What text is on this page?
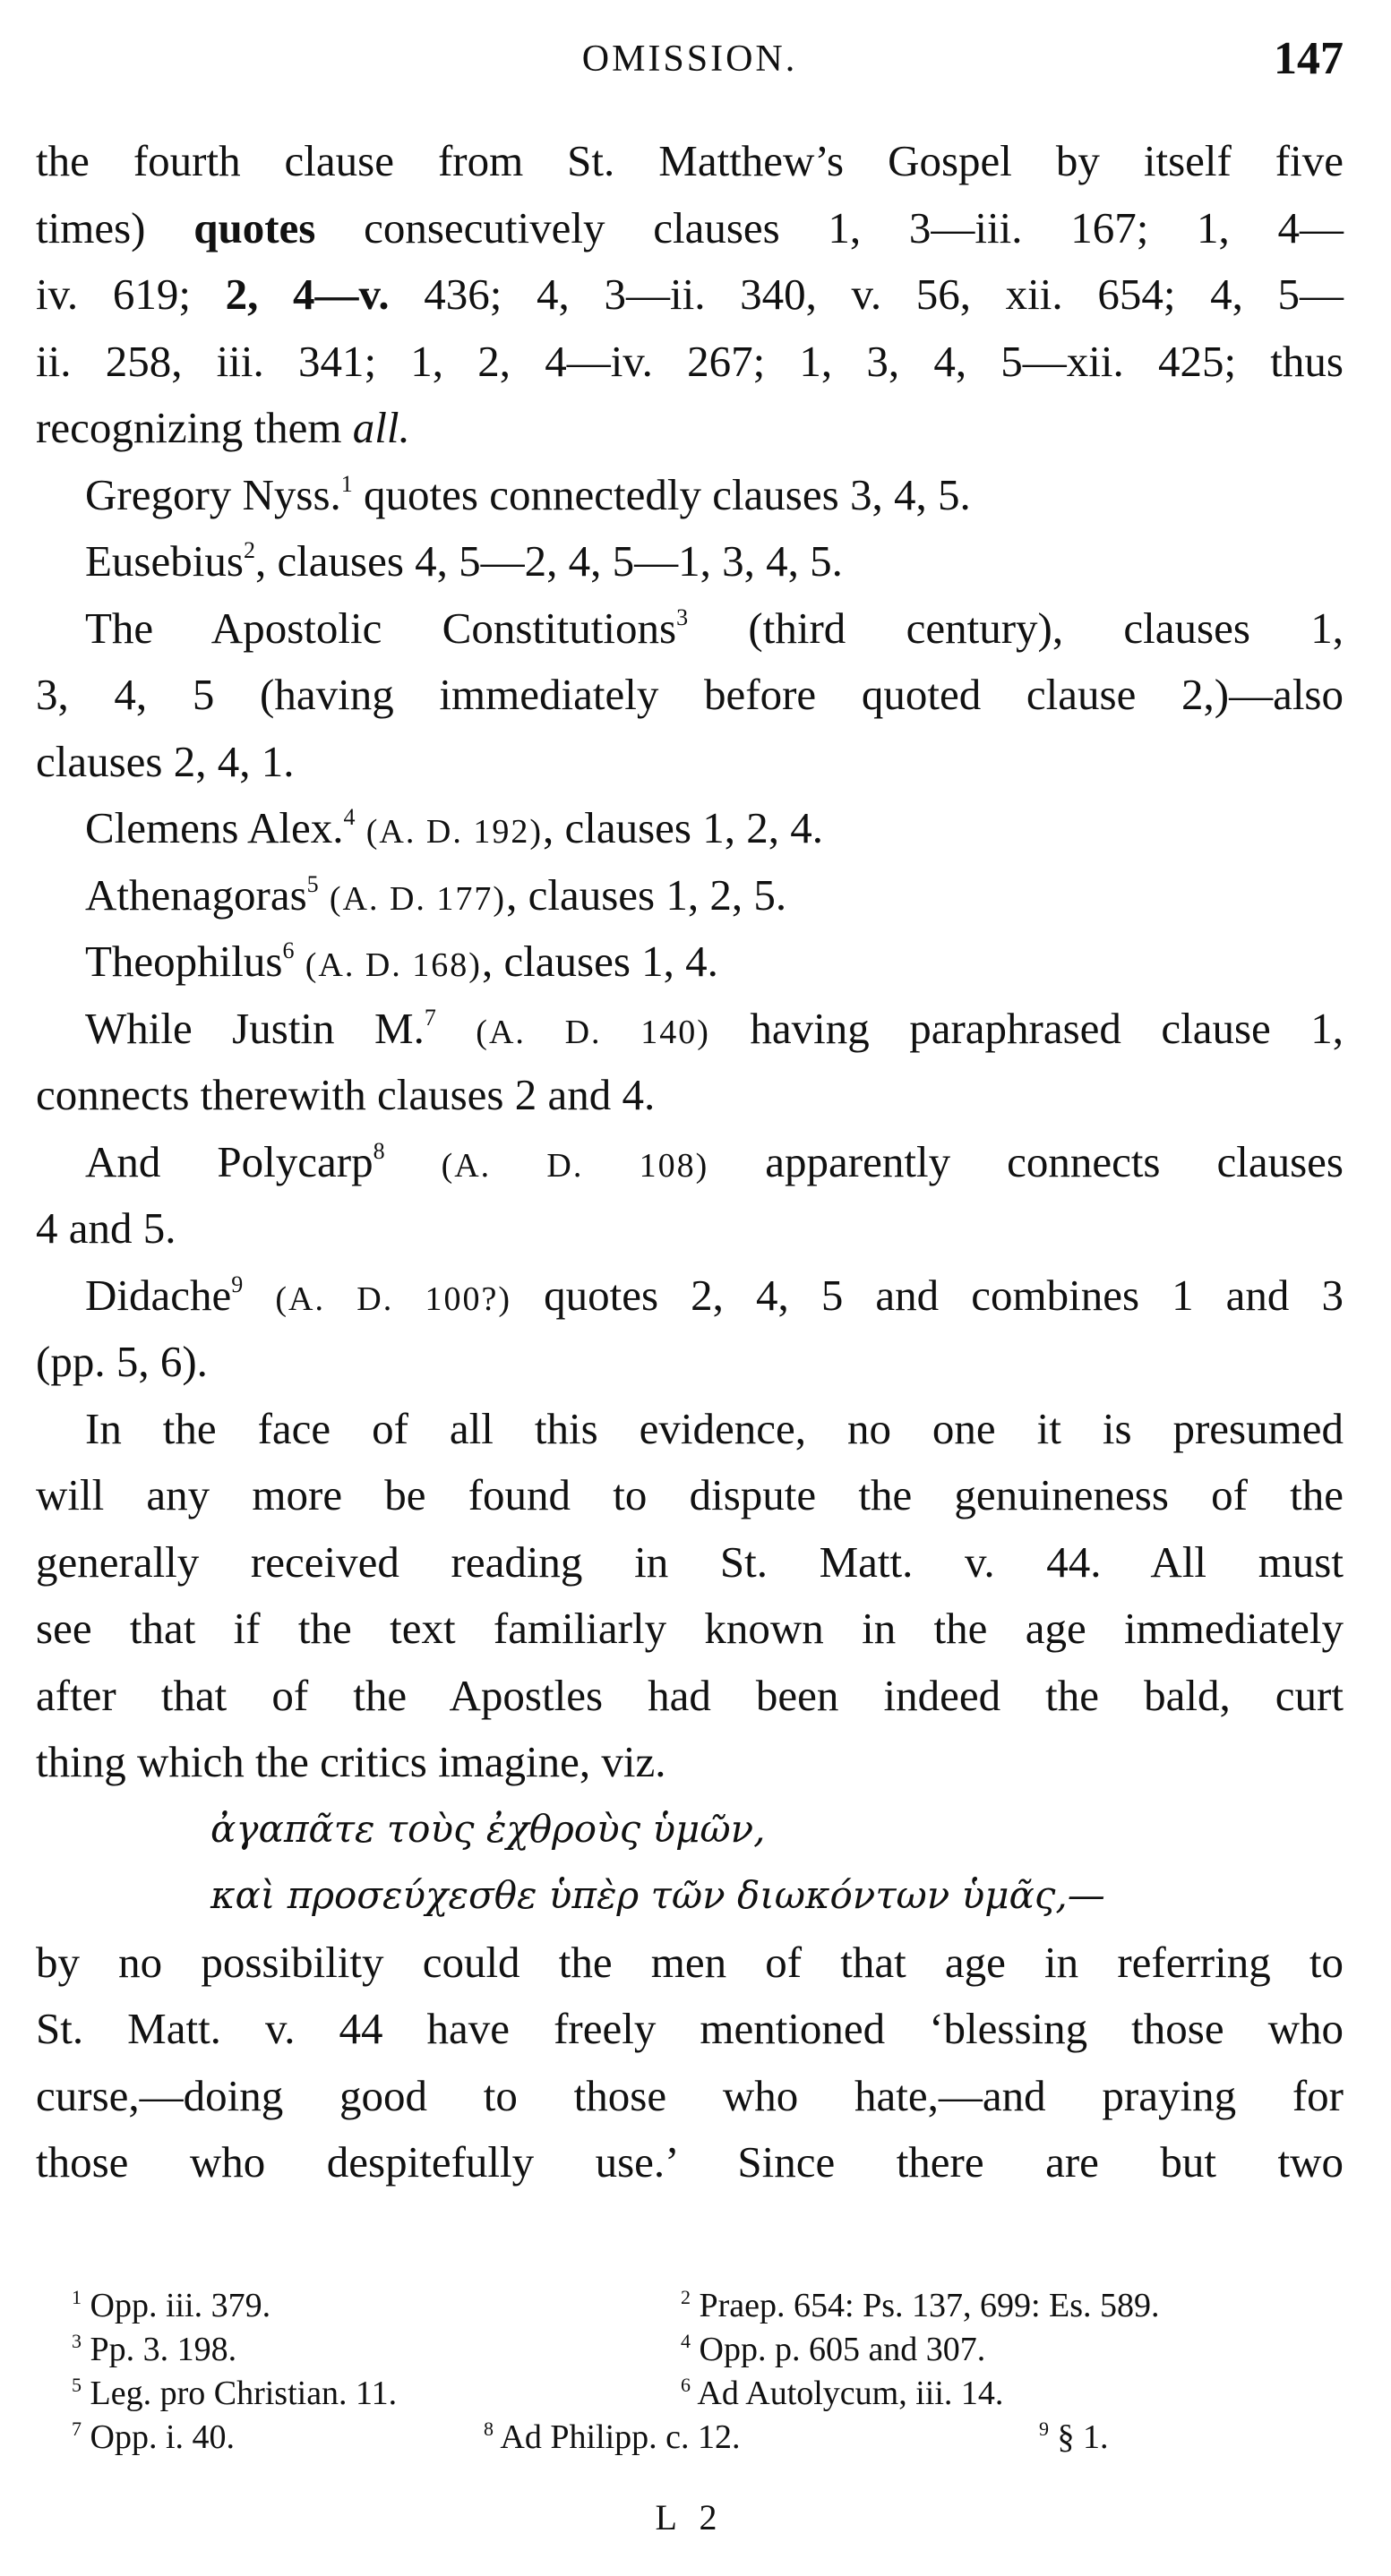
OMISSION.	147
the fourth clause from St. Matthew’s Gospel by itself five
times) quotes consecutively clauses 1, 3—iii. 167; 1, 4—
iv. 619; 2, 4—v. 436; 4, 3—ii. 340, v. 56, xii. 654; 4, 5—
ii. 258, iii. 341; 1, 2, 4—iv. 267; 1, 3, 4, 5—xii. 425; thus
recognizing them all.
Gregory Nyss.$^1$ quotes connectedly clauses 3, 4, 5.
Eusebius$^2$, clauses 4, 5—2, 4, 5—1, 3, 4, 5.
The Apostolic Constitutions$^3$ (third century), clauses 1,
3, 4, 5 (having immediately before quoted clause 2,)—also
clauses 2, 4, 1.
Clemens Alex.$^4$ (A. D. 192), clauses 1, 2, 4.
Athenagoras$^5$ (A. D. 177), clauses 1, 2, 5.
Theophilus$^6$ (A. D. 168), clauses 1, 4.
While Justin M.$^7$ (A. D. 140) having paraphrased clause 1,
connects therewith clauses 2 and 4.
And Polycarp$^8$ (A. D. 108) apparently connects clauses
4 and 5.
Didache$^9$ (A. D. 100?) quotes 2, 4, 5 and combines 1 and 3
(pp. 5, 6).
In the face of all this evidence, no one it is presumed
will any more be found to dispute the genuineness of the
generally received reading in St. Matt. v. 44. All must
see that if the text familiarly known in the age immediately
after that of the Apostles had been indeed the bald, curt
thing which the critics imagine, viz.
ἀγαπᾶτε τοὺς ἐχθροὺς ὑμῶν,
καὶ προσεύχεσθε ὑπὲρ τῶν διωκόντων ὑμᾶς,—
by no possibility could the men of that age in referring to
St. Matt. v. 44 have freely mentioned ‘blessing those who
curse,—doing good to those who hate,—and praying for
those who despitefully use.’ Since there are but two
$^1$ Opp. iii. 379.	$^2$ Praep. 654: Ps. 137, 699: Es. 589.
$^3$ Pp. 3. 198.	$^4$ Opp. p. 605 and 307.
$^5$ Leg. pro Christian. 11.	$^6$ Ad Autolycum, iii. 14.
$^7$ Opp. i. 40.	$^8$ Ad Philipp. c. 12.	$^9$ § 1.
L 2
